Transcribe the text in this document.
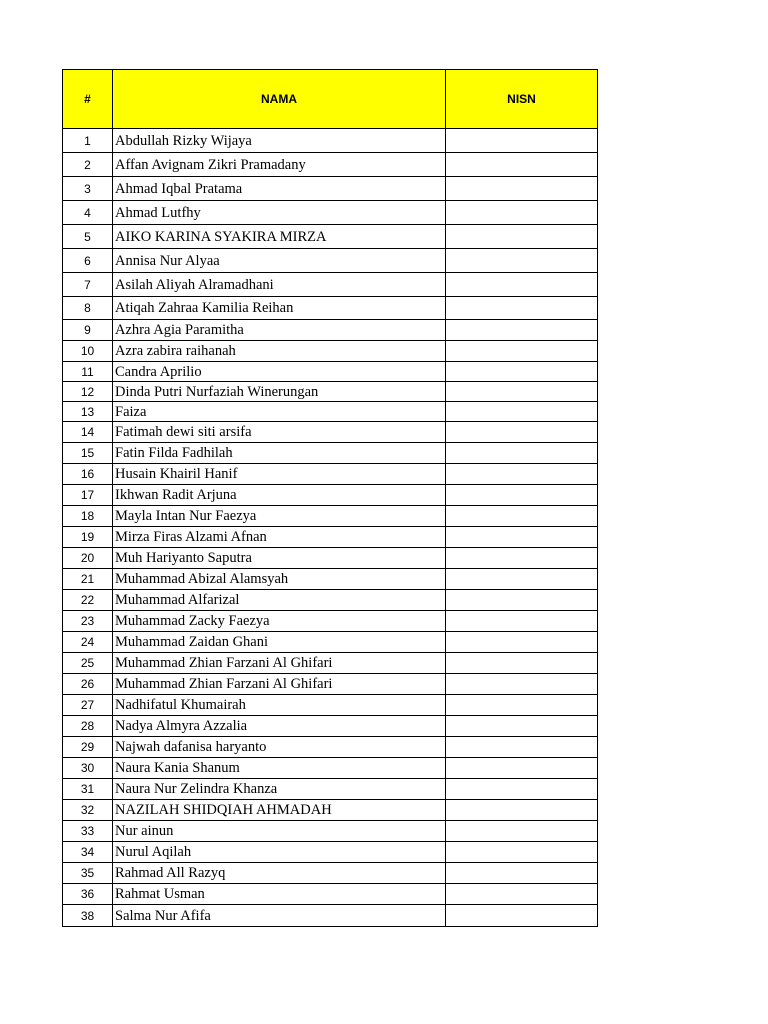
#	NAMA	NISN
1	Abdullah Rizky Wijaya	
2	Affan Avignam Zikri Pramadany	
3	Ahmad Iqbal Pratama	
4	Ahmad Lutfhy	
5	AIKO KARINA SYAKIRA MIRZA	
6	Annisa Nur Alyaa	
7	Asilah Aliyah Alramadhani	
8	Atiqah Zahraa Kamilia Reihan	
9	Azhra Agia Paramitha	
10	Azra zabira raihanah	
11	Candra Aprilio	
12	Dinda Putri Nurfaziah Winerungan	
13	Faiza	
14	Fatimah dewi siti arsifa	
15	Fatin Filda Fadhilah	
16	Husain Khairil Hanif	
17	Ikhwan Radit Arjuna	
18	Mayla Intan Nur Faezya	
19	Mirza Firas Alzami Afnan	
20	Muh Hariyanto Saputra	
21	Muhammad Abizal Alamsyah	
22	Muhammad Alfarizal	
23	Muhammad Zacky Faezya	
24	Muhammad Zaidan Ghani	
25	Muhammad Zhian Farzani Al Ghifari	
26	Muhammad Zhian Farzani Al Ghifari	
27	Nadhifatul Khumairah	
28	Nadya Almyra Azzalia	
29	Najwah dafanisa haryanto	
30	Naura Kania Shanum	
31	Naura Nur Zelindra Khanza	
32	NAZILAH SHIDQIAH AHMADAH	
33	Nur ainun	
34	Nurul Aqilah	
35	Rahmad All Razyq	
36	Rahmat Usman	
38	Salma Nur Afifa	
